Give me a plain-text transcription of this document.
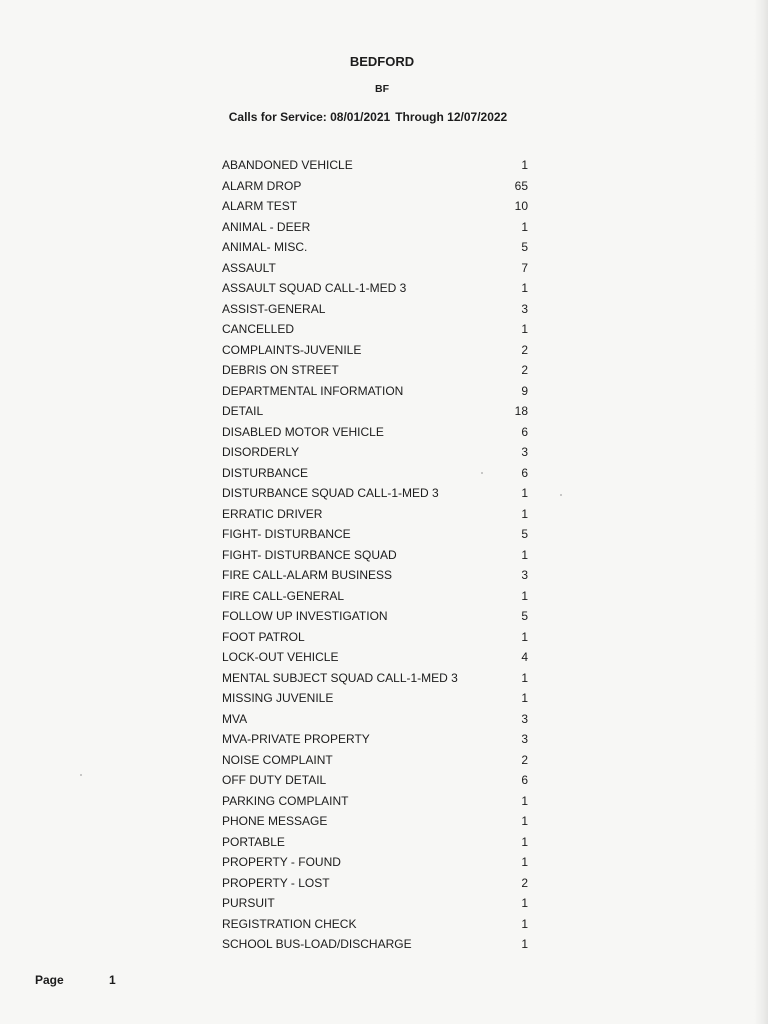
BEDFORD
BF
Calls for Service: 08/01/2021 Through 12/07/2022
ABANDONED VEHICLE	1
ALARM DROP	65
ALARM TEST	10
ANIMAL - DEER	1
ANIMAL- MISC.	5
ASSAULT	7
ASSAULT SQUAD CALL-1-MED 3	1
ASSIST-GENERAL	3
CANCELLED	1
COMPLAINTS-JUVENILE	2
DEBRIS ON STREET	2
DEPARTMENTAL INFORMATION	9
DETAIL	18
DISABLED MOTOR VEHICLE	6
DISORDERLY	3
DISTURBANCE	6
DISTURBANCE SQUAD CALL-1-MED 3	1
ERRATIC DRIVER	1
FIGHT- DISTURBANCE	5
FIGHT- DISTURBANCE SQUAD	1
FIRE CALL-ALARM BUSINESS	3
FIRE CALL-GENERAL	1
FOLLOW UP INVESTIGATION	5
FOOT PATROL	1
LOCK-OUT VEHICLE	4
MENTAL SUBJECT SQUAD CALL-1-MED 3	1
MISSING JUVENILE	1
MVA	3
MVA-PRIVATE PROPERTY	3
NOISE COMPLAINT	2
OFF DUTY DETAIL	6
PARKING COMPLAINT	1
PHONE MESSAGE	1
PORTABLE	1
PROPERTY - FOUND	1
PROPERTY - LOST	2
PURSUIT	1
REGISTRATION CHECK	1
SCHOOL BUS-LOAD/DISCHARGE	1
Page	1
